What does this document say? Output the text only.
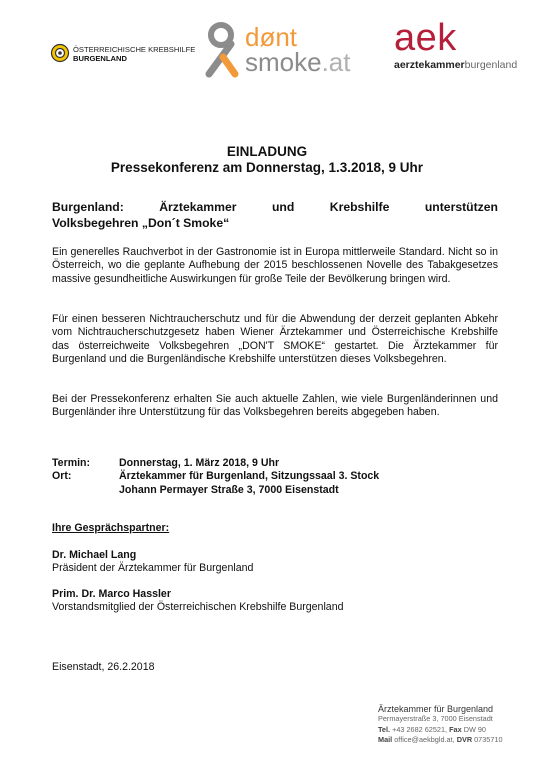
ÖSTERREICHISCHE KREBSHILFE
BURGENLAND
dønt
smoke.at
aek
aerztekammerburgenland
EINLADUNG
Pressekonferenz am Donnerstag, 1.3.2018, 9 Uhr
Burgenland: Ärztekammer und Krebshilfe unterstützen
Volksbegehren „Don´t Smoke“
Ein generelles Rauchverbot in der Gastronomie ist in Europa mittlerweile Standard. Nicht so in Österreich, wo die geplante Aufhebung der 2015 beschlossenen Novelle des Tabakgesetzes massive gesundheitliche Auswirkungen für große Teile der Bevölkerung bringen wird.
Für einen besseren Nichtraucherschutz und für die Abwendung der derzeit geplanten Abkehr vom Nichtraucherschutzgesetz haben Wiener Ärztekammer und Österreichische Krebshilfe das österreichweite Volksbegehren „DON'T SMOKE“ gestartet. Die Ärztekammer für Burgenland und die Burgenländische Krebshilfe unterstützen dieses Volksbegehren.
Bei der Pressekonferenz erhalten Sie auch aktuelle Zahlen, wie viele Burgenländerinnen und Burgenländer ihre Unterstützung für das Volksbegehren bereits abgegeben haben.
Termin:	Donnerstag, 1. März 2018, 9 Uhr
Ort:	Ärztekammer für Burgenland, Sitzungssaal 3. Stock
Johann Permayer Straße 3, 7000 Eisenstadt
Ihre Gesprächspartner:
Dr. Michael Lang
Präsident der Ärztekammer für Burgenland
Prim. Dr. Marco Hassler
Vorstandsmitglied der Österreichischen Krebshilfe Burgenland
Eisenstadt, 26.2.2018
Ärztekammer für Burgenland
Permayerstraße 3, 7000 Eisenstadt
Tel. +43 2682 62521, Fax DW 90
Mail office@aekbgld.at, DVR 0735710
